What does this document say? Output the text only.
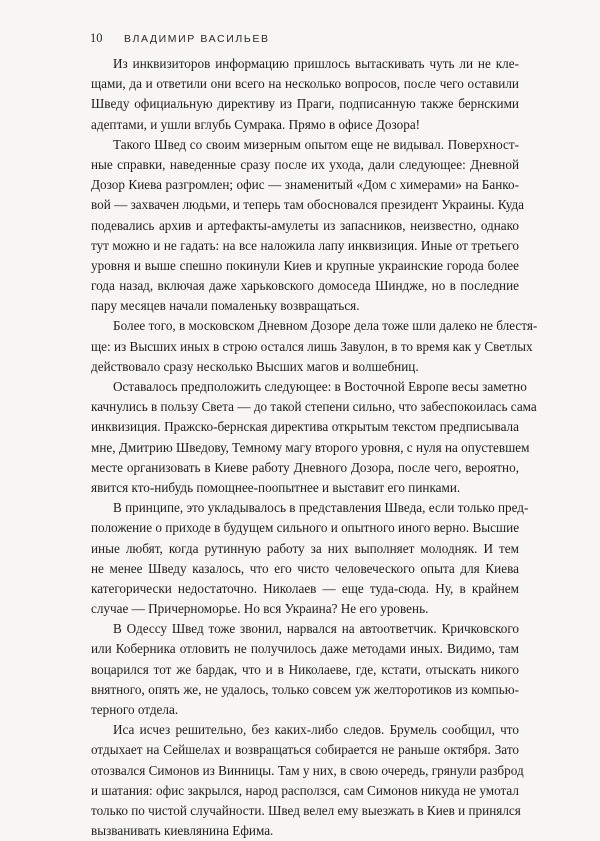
10	ВЛАДИМИР ВАСИЛЬЕВ

Из инквизиторов информацию пришлось вытаскивать чуть ли не кле-
щами, да и ответили они всего на несколько вопросов, после чего оставили
Шведу официальную директиву из Праги, подписанную также бернскими
адептами, и ушли вглубь Сумрака. Прямо в офисе Дозора!

Такого Швед со своим мизерным опытом еще не видывал. Поверхност-
ные справки, наведенные сразу после их ухода, дали следующее: Дневной
Дозор Киева разгромлен; офис — знаменитый «Дом с химерами» на Банко-
вой — захвачен людьми, и теперь там обосновался президент Украины. Куда
подевались архив и артефакты-амулеты из запасников, неизвестно, однако
тут можно и не гадать: на все наложила лапу инквизиция. Иные от третьего
уровня и выше спешно покинули Киев и крупные украинские города более
года назад, включая даже харьковского домоседа Шиндже, но в последние
пару месяцев начали помаленьку возвращаться.

Более того, в московском Дневном Дозоре дела тоже шли далеко не блестя-
ще: из Высших иных в строю остался лишь Завулон, в то время как у Светлых
действовало сразу несколько Высших магов и волшебниц.

Оставалось предположить следующее: в Восточной Европе весы заметно
качнулись в пользу Света — до такой степени сильно, что забеспокоилась сама
инквизиция. Пражско-бернская директива открытым текстом предписывала
мне, Дмитрию Шведову, Темному магу второго уровня, с нуля на опустевшем
месте организовать в Киеве работу Дневного Дозора, после чего, вероятно,
явится кто-нибудь помощнее-поопытнее и выставит его пинками.

В принципе, это укладывалось в представления Шведа, если только пред-
положение о приходе в будущем сильного и опытного иного верно. Высшие
иные любят, когда рутинную работу за них выполняет молодняк. И тем
не менее Шведу казалось, что его чисто человеческого опыта для Киева
категорически недостаточно. Николаев — еще туда-сюда. Ну, в крайнем
случае — Причерноморье. Но вся Украина? Не его уровень.

В Одессу Швед тоже звонил, нарвался на автоответчик. Кричковского
или Коберника отловить не получилось даже методами иных. Видимо, там
воцарился тот же бардак, что и в Николаеве, где, кстати, отыскать никого
внятного, опять же, не удалось, только совсем уж желторотиков из компью-
терного отдела.

Иса исчез решительно, без каких-либо следов. Брумель сообщил, что
отдыхает на Сейшелах и возвращаться собирается не раньше октября. Зато
отозвался Симонов из Винницы. Там у них, в свою очередь, грянули разброд
и шатания: офис закрылся, народ расползся, сам Симонов никуда не умотал
только по чистой случайности. Швед велел ему выезжать в Киев и принялся
вызванивать киевлянина Ефима.
